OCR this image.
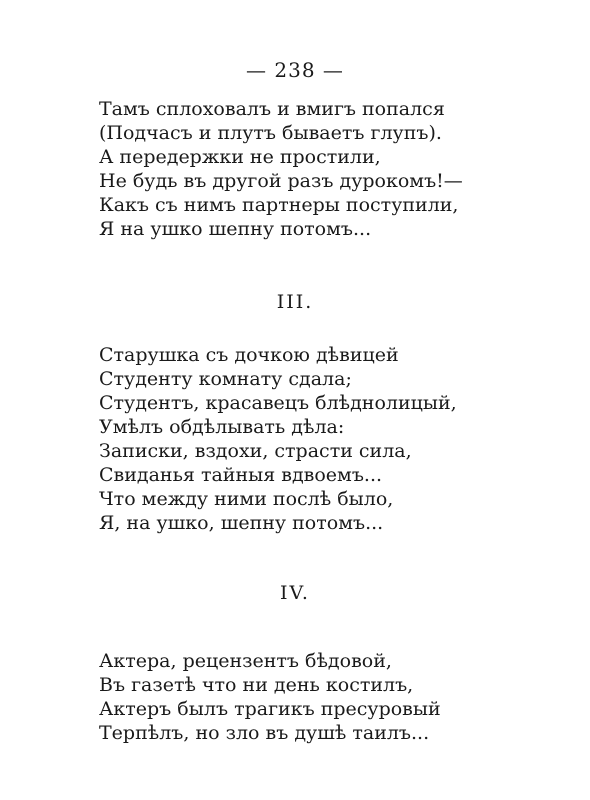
— 238 —
Тамъ сплоховалъ и вмигъ попался
(Подчасъ и плутъ бываетъ глупъ).
А передержки не простили,
Не будь въ другой разъ дурокомъ!—
Какъ съ нимъ партнеры поступили,
Я на ушко шепну потомъ...
III.
Старушка съ дочкою дѣвицей
Студенту комнату сдала;
Студентъ, красавецъ блѣднолицый,
Умѣлъ обдѣлывать дѣла:
Записки, вздохи, страсти сила,
Свиданья тайныя вдвоемъ...
Что между ними послѣ было,
Я, на ушко, шепну потомъ...
IV.
Актера, рецензентъ бѣдовой,
Въ газетѣ что ни день костилъ,
Актеръ былъ трагикъ пресуровый
Терпѣлъ, но зло въ душѣ таилъ...
